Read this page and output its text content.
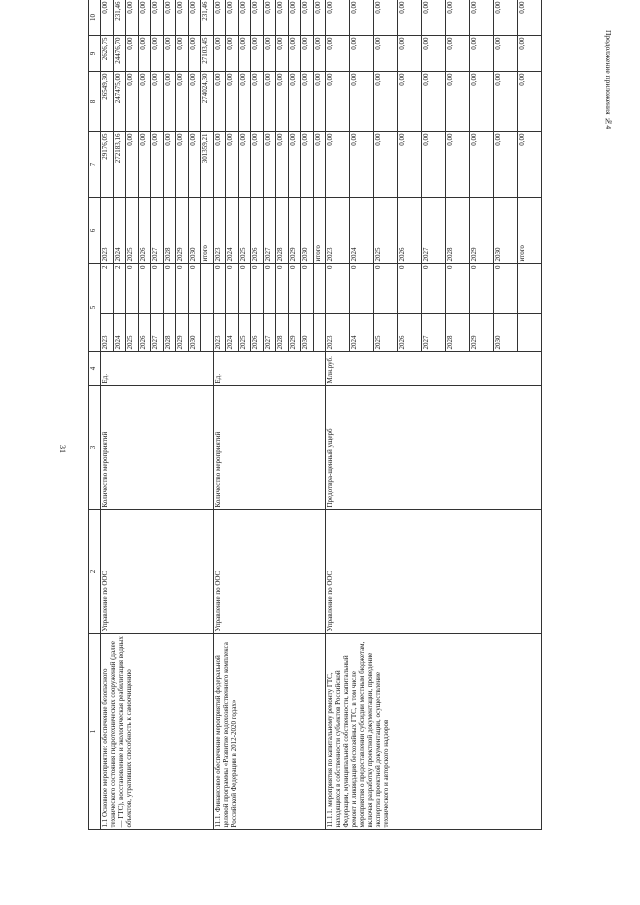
Продолжение приложения №4
31
1	2	3	4	5		6	7	8	9	10	
1.1 Основное мероприятие: обеспечение безопасного технического состояния гидротехнических сооружений (далее — ГТС), восстановление и экологическая реабилитация водных объектов, утративших способность к самоочищению	Управление по ООС	Количество мероприятий	Ед.	2023	2	2023	29176,05	26549,30	2626,75	0,00	
				2024	2	2024	272183,16	247475,00	24476,70	231,46	
				2025	0	2025	0,00	0,00	0,00	0,00	
				2026	0	2026	0,00	0,00	0,00	0,00	
				2027	0	2027	0,00	0,00	0,00	0,00	
				2028	0	2028	0,00	0,00	0,00	0,00	
				2029	0	2029	0,00	0,00	0,00	0,00	
				2030	0	2030	0,00	0,00	0,00	0,00	
						итого	301359,21	274024,30	27103,45	231,46	
11.1. Финансовое обеспечение мероприятий федеральной целевой программы «Развитие водохозяйственного комплекса Российской Федерации в 2012-2020 годах»	Управление по ООС	Количество мероприятий	Ед.	2023	0	2023	0,00	0,00	0,00	0,00	
				2024	0	2024	0,00	0,00	0,00	0,00	
				2025	0	2025	0,00	0,00	0,00	0,00	
				2026	0	2026	0,00	0,00	0,00	0,00	
				2027	0	2027	0,00	0,00	0,00	0,00	
				2028	0	2028	0,00	0,00	0,00	0,00	
				2029	0	2029	0,00	0,00	0,00	0,00	
				2030	0	2030	0,00	0,00	0,00	0,00	
						итого	0,00	0,00	0,00	0,00	
11.1.1. мероприятия по капитальному ремонту ГТС, находящихся в собственности субъектов Российской Федерации, муниципальной собственности, капитальный ремонт и ликвидация бесхозяйных ГТС, в том числе мероприятия о предоставлении субсидии местным бюджетам, включая разработку проектной документации, проведение экспертиз проектной документации, осуществление технического и авторского надзоров	Управление по ООС	Предотвра-щенный ущерб	Млн.руб.	2023	0	2023	0,00	0,00	0,00	0,00	
				2024	0	2024	0,00	0,00	0,00	0,00	
				2025	0	2025	0,00	0,00	0,00	0,00	
				2026	0	2026	0,00	0,00	0,00	0,00	
				2027	0	2027	0,00	0,00	0,00	0,00	
				2028	0	2028	0,00	0,00	0,00	0,00	
				2029	0	2029	0,00	0,00	0,00	0,00	
				2030	0	2030	0,00	0,00	0,00	0,00	
						итого	0,00	0,00	0,00	0,00	
